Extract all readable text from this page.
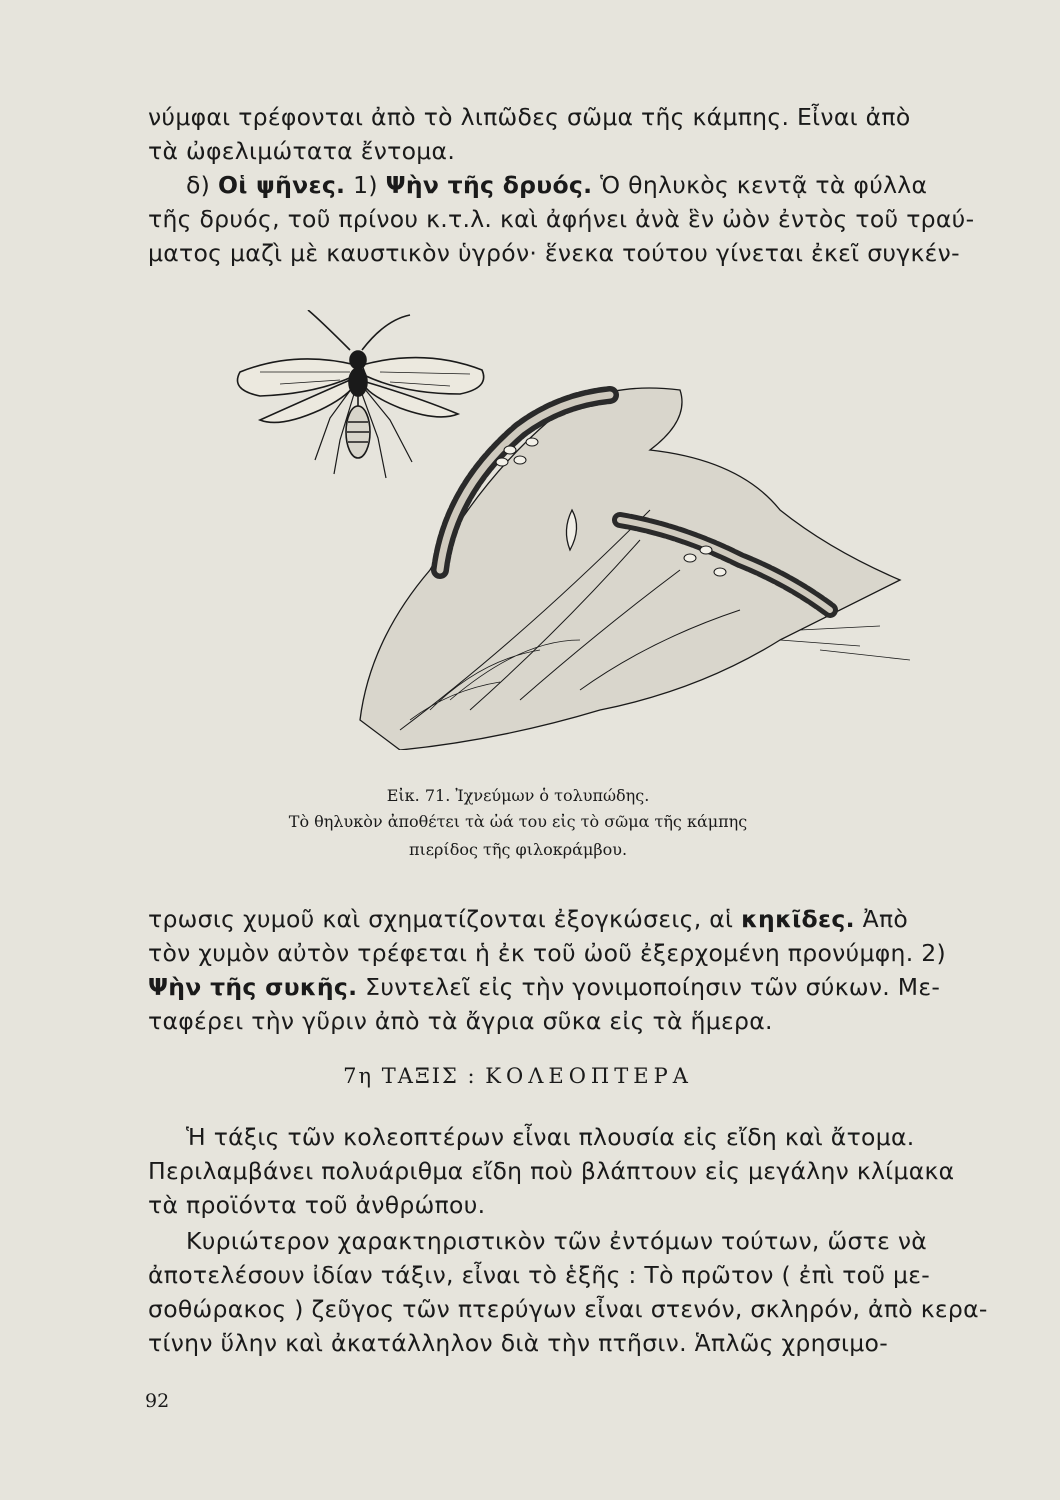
νύμφαι τρέφονται ἀπὸ τὸ λιπῶδες σῶμα τῆς κάμπης. Εἶναι ἀπὸ
τὰ ὠφελιμώτατα ἔντομα.
δ) Οἱ ψῆνες. 1) Ψὴν τῆς δρυός. Ὁ θηλυκὸς κεντᾷ τὰ φύλλα
τῆς δρυός, τοῦ πρίνου κ.τ.λ. καὶ ἀφήνει ἀνὰ ἓν ὠὸν ἐντὸς τοῦ τραύ-
ματος μαζὶ μὲ καυστικὸν ὑγρόν· ἕνεκα τούτου γίνεται ἐκεῖ συγκέν-

Εἰκ. 71. Ἰχνεύμων ὁ τολυπώδης.
Τὸ θηλυκὸν ἀποθέτει τὰ ὠά του εἰς τὸ σῶμα τῆς κάμπης
πιερίδος τῆς φιλοκράμβου.

τρωσις χυμοῦ καὶ σχηματίζονται ἐξογκώσεις, αἱ κηκῖδες. Ἀπὸ
τὸν χυμὸν αὐτὸν τρέφεται ἡ ἐκ τοῦ ὠοῦ ἐξερχομένη προνύμφη. 2)
Ψὴν τῆς συκῆς. Συντελεῖ εἰς τὴν γονιμοποίησιν τῶν σύκων. Με-
ταφέρει τὴν γῦριν ἀπὸ τὰ ἄγρια σῦκα εἰς τὰ ἥμερα.

7η ΤΑΞΙΣ : ΚΟΛΕΟΠΤΕΡΑ

Ἡ τάξις τῶν κολεοπτέρων εἶναι πλουσία εἰς εἴδη καὶ ἄτομα.
Περιλαμβάνει πολυάριθμα εἴδη ποὺ βλάπτουν εἰς μεγάλην κλίμακα
τὰ προϊόντα τοῦ ἀνθρώπου.

Κυριώτερον χαρακτηριστικὸν τῶν ἐντόμων τούτων, ὥστε νὰ
ἀποτελέσουν ἰδίαν τάξιν, εἶναι τὸ ἑξῆς : Τὸ πρῶτον ( ἐπὶ τοῦ με-
σοθώρακος ) ζεῦγος τῶν πτερύγων εἶναι στενόν, σκληρόν, ἀπὸ κερα-
τίνην ὕλην καὶ ἀκατάλληλον διὰ τὴν πτῆσιν. Ἁπλῶς χρησιμο-

92
